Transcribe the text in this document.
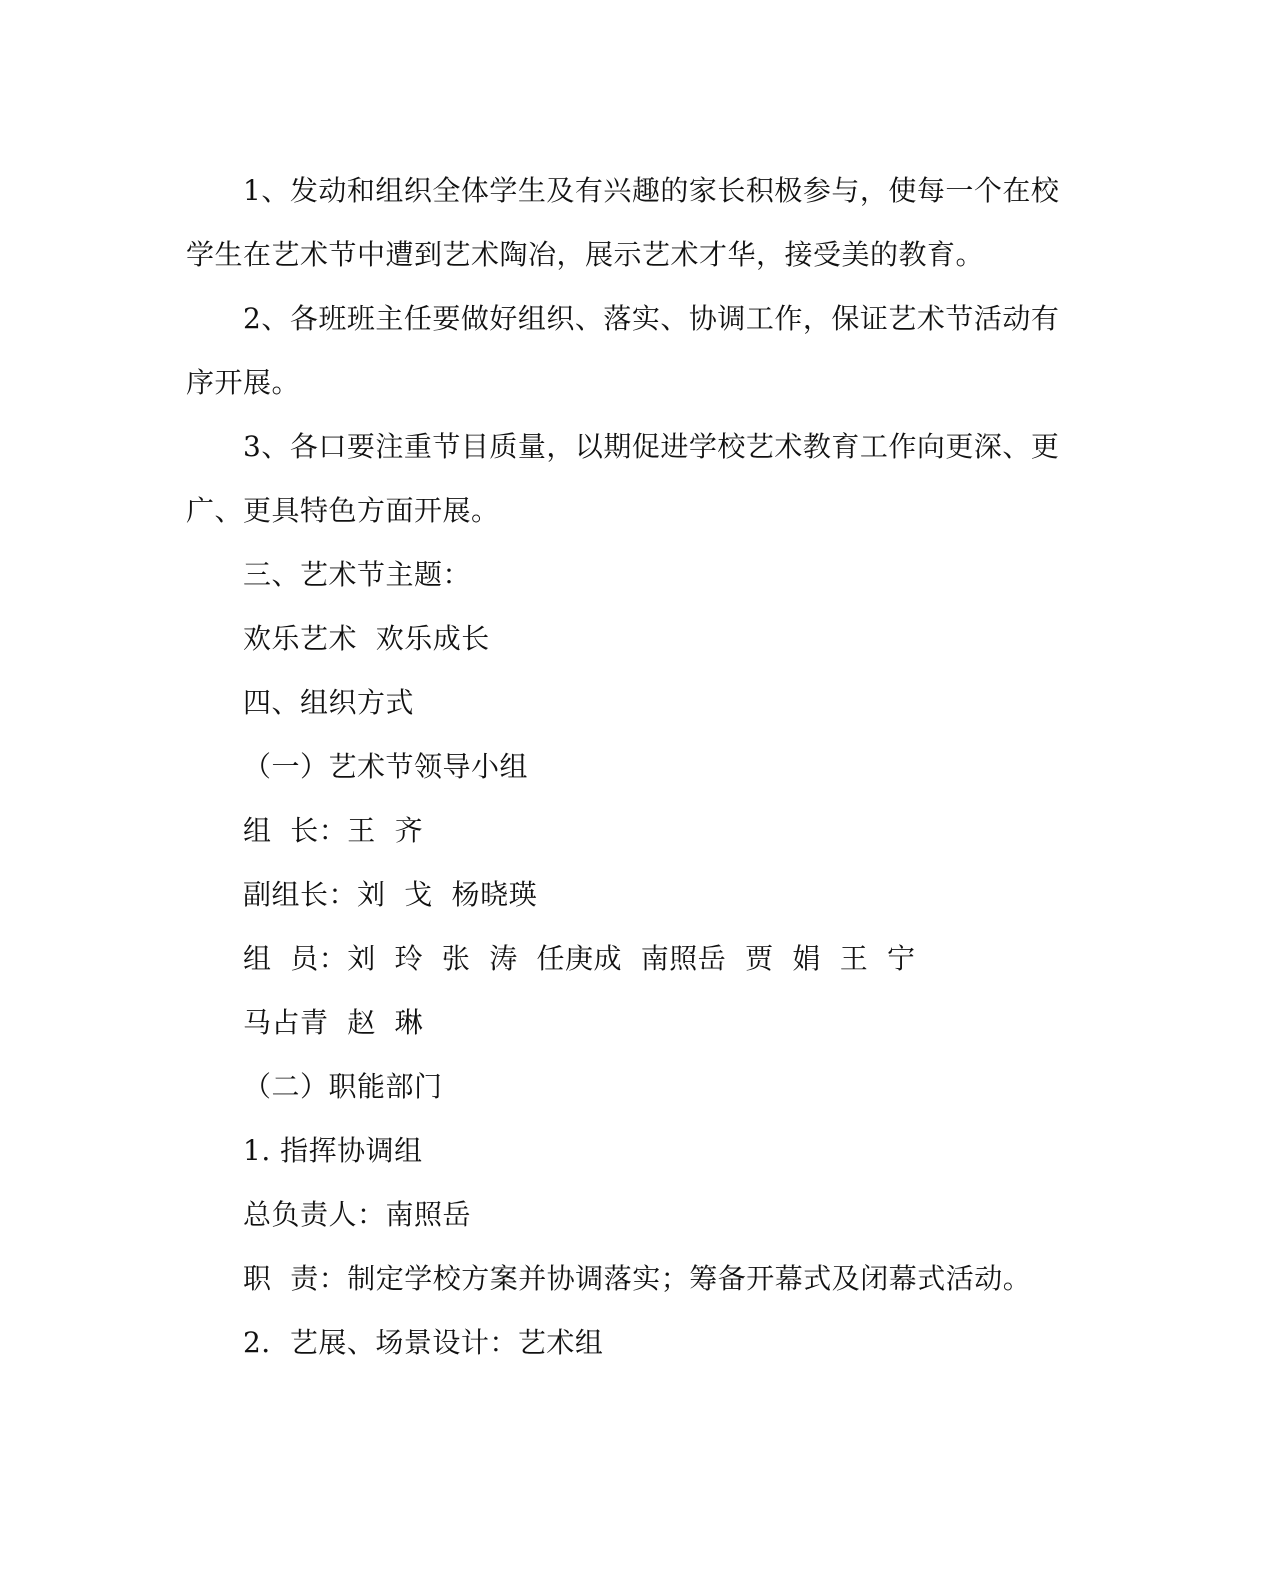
1、发动和组织全体学生及有兴趣的家长积极参与，使每一个在校
学生在艺术节中遭到艺术陶冶，展示艺术才华，接受美的教育。
2、各班班主任要做好组织、落实、协调工作，保证艺术节活动有
序开展。
3、各口要注重节目质量，以期促进学校艺术教育工作向更深、更
广、更具特色方面开展。
三、艺术节主题：
欢乐艺术  欢乐成长
四、组织方式
（一）艺术节领导小组
组  长：王  齐
副组长：刘  戈  杨晓瑛
组  员：刘  玲  张  涛  任庚成  南照岳  贾  娟  王  宁
马占青  赵  琳
（二）职能部门
1. 指挥协调组
总负责人：南照岳
职  责：制定学校方案并协调落实；筹备开幕式及闭幕式活动。
2．艺展、场景设计：艺术组
